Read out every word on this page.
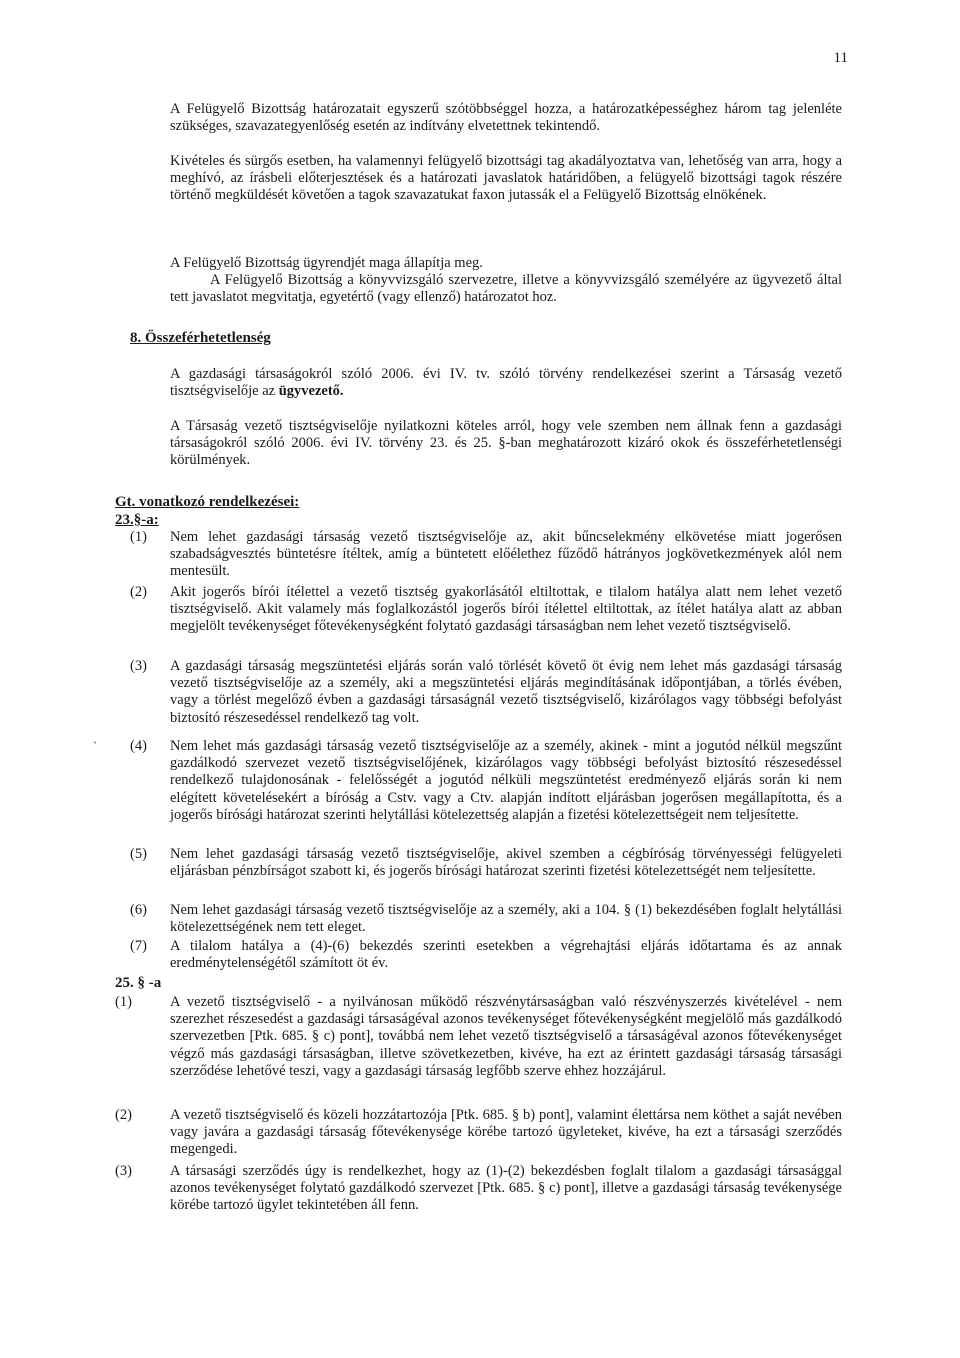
11

A Felügyelő Bizottság határozatait egyszerű szótöbbséggel hozza, a határozatképességhez három tag jelenléte szükséges, szavazategyenlőség esetén az indítvány elvetettnek tekintendő.

Kivételes és sürgős esetben, ha valamennyi felügyelő bizottsági tag akadályoztatva van, lehetőség van arra, hogy a meghívó, az írásbeli előterjesztések és a határozati javaslatok határidőben, a felügyelő bizottsági tagok részére történő megküldését követően a tagok szavazatukat faxon jutassák el a Felügyelő Bizottság elnökének.

A Felügyelő Bizottság ügyrendjét maga állapítja meg.

A Felügyelő Bizottság a könyvvizsgáló szervezetre, illetve a könyvvizsgáló személyére az ügyvezető által tett javaslatot megvitatja, egyetértő (vagy ellenző) határozatot hoz.

8. Összeférhetetlenség

A gazdasági társaságokról szóló 2006. évi IV. tv. szóló törvény rendelkezései szerint a Társaság vezető tisztségviselője az ügyvezető.

A Társaság vezető tisztségviselője nyilatkozni köteles arról, hogy vele szemben nem állnak fenn a gazdasági társaságokról szóló 2006. évi IV. törvény 23. és 25. §-ban meghatározott kizáró okok és összeférhetetlenségi körülmények.

Gt. vonatkozó rendelkezései:
23.§-a:
(1)	Nem lehet gazdasági társaság vezető tisztségviselője az, akit bűncselekmény elkövetése miatt jogerősen szabadságvesztés büntetésre ítéltek, amíg a büntetett előélethez fűződő hátrányos jogkövetkezmények alól nem mentesült.
(2)	Akit jogerős bírói ítélettel a vezető tisztség gyakorlásától eltiltottak, e tilalom hatálya alatt nem lehet vezető tisztségviselő. Akit valamely más foglalkozástól jogerős bírói ítélettel eltiltottak, az ítélet hatálya alatt az abban megjelölt tevékenységet főtevékenységként folytató gazdasági társaságban nem lehet vezető tisztségviselő.
(3)	A gazdasági társaság megszüntetési eljárás során való törlését követő öt évig nem lehet más gazdasági társaság vezető tisztségviselője az a személy, aki a megszüntetési eljárás megindításának időpontjában, a törlés évében, vagy a törlést megelőző évben a gazdasági társaságnál vezető tisztségviselő, kizárólagos vagy többségi befolyást biztosító részesedéssel rendelkező tag volt.
` (4)	Nem lehet más gazdasági társaság vezető tisztségviselője az a személy, akinek - mint a jogutód nélkül megszűnt gazdálkodó szervezet vezető tisztségviselőjének, kizárólagos vagy többségi befolyást biztosító részesedéssel rendelkező tulajdonosának - felelősségét a jogutód nélküli megszüntetést eredményező eljárás során ki nem elégített követelésekért a bíróság a Cstv. vagy a Ctv. alapján indított eljárásban jogerősen megállapította, és a jogerős bírósági határozat szerinti helytállási kötelezettség alapján a fizetési kötelezettségeit nem teljesítette.
(5)	Nem lehet gazdasági társaság vezető tisztségviselője, akivel szemben a cégbíróság törvényességi felügyeleti eljárásban pénzbírságot szabott ki, és jogerős bírósági határozat szerinti fizetési kötelezettségét nem teljesítette.
(6)	Nem lehet gazdasági társaság vezető tisztségviselője az a személy, aki a 104. § (1) bekezdésében foglalt helytállási kötelezettségének nem tett eleget.
(7)	A tilalom hatálya a (4)-(6) bekezdés szerinti esetekben a végrehajtási eljárás időtartama és az annak eredménytelenségétől számított öt év.
25. § -a
(1)	A vezető tisztségviselő - a nyilvánosan működő részvénytársaságban való részvényszerzés kivételével - nem szerezhet részesedést a gazdasági társaságéval azonos tevékenységet főtevékenységként megjelölő más gazdálkodó szervezetben [Ptk. 685. § c) pont], továbbá nem lehet vezető tisztségviselő a társaságéval azonos főtevékenységet végző más gazdasági társaságban, illetve szövetkezetben, kivéve, ha ezt az érintett gazdasági társaság társasági szerződése lehetővé teszi, vagy a gazdasági társaság legfőbb szerve ehhez hozzájárul.
(2)	A vezető tisztségviselő és közeli hozzátartozója [Ptk. 685. § b) pont], valamint élettársa nem köthet a saját nevében vagy javára a gazdasági társaság főtevékenysége körébe tartozó ügyleteket, kivéve, ha ezt a társasági szerződés megengedi.
(3)	A társasági szerződés úgy is rendelkezhet, hogy az (1)-(2) bekezdésben foglalt tilalom a gazdasági társasággal azonos tevékenységet folytató gazdálkodó szervezet [Ptk. 685. § c) pont], illetve a gazdasági társaság tevékenysége körébe tartozó ügylet tekintetében áll fenn.
